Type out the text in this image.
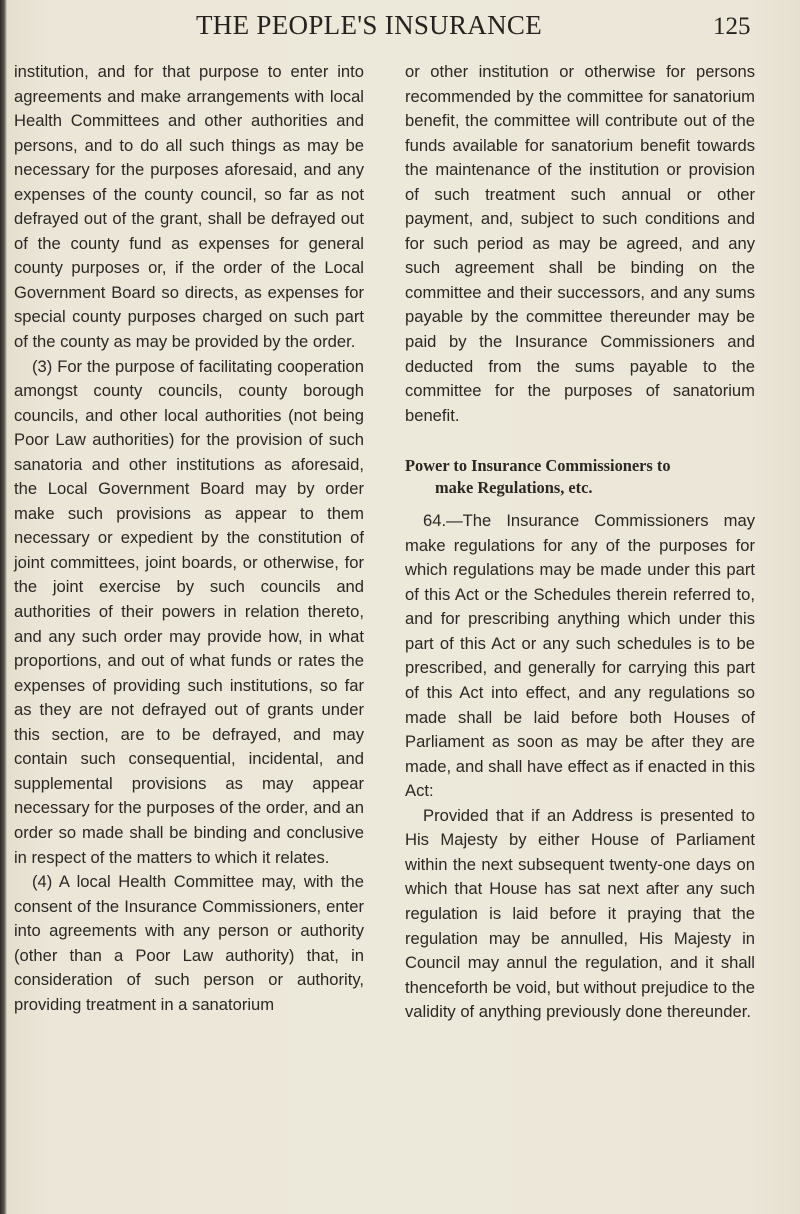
THE PEOPLE'S INSURANCE	125

institution, and for that purpose to enter into agreements and make arrangements with local Health Committees and other authorities and persons, and to do all such things as may be necessary for the purposes aforesaid, and any expenses of the county council, so far as not defrayed out of the grant, shall be defrayed out of the county fund as expenses for general county purposes or, if the order of the Local Government Board so directs, as expenses for special county purposes charged on such part of the county as may be provided by the order.

(3) For the purpose of facilitating cooperation amongst county councils, county borough councils, and other local authorities (not being Poor Law authorities) for the provision of such sanatoria and other institutions as aforesaid, the Local Government Board may by order make such provisions as appear to them necessary or expedient by the constitution of joint committees, joint boards, or otherwise, for the joint exercise by such councils and authorities of their powers in relation thereto, and any such order may provide how, in what proportions, and out of what funds or rates the expenses of providing such institutions, so far as they are not defrayed out of grants under this section, are to be defrayed, and may contain such consequential, incidental, and supplemental provisions as may appear necessary for the purposes of the order, and an order so made shall be binding and conclusive in respect of the matters to which it relates.

(4) A local Health Committee may, with the consent of the Insurance Commissioners, enter into agreements with any person or authority (other than a Poor Law authority) that, in consideration of such person or authority, providing treatment in a sanatorium

or other institution or otherwise for persons recommended by the committee for sanatorium benefit, the committee will contribute out of the funds available for sanatorium benefit towards the maintenance of the institution or provision of such treatment such annual or other payment, and, subject to such conditions and for such period as may be agreed, and any such agreement shall be binding on the committee and their successors, and any sums payable by the committee thereunder may be paid by the Insurance Commissioners and deducted from the sums payable to the committee for the purposes of sanatorium benefit.

Power to Insurance Commissioners to
make Regulations, etc.

64.—The Insurance Commissioners may make regulations for any of the purposes for which regulations may be made under this part of this Act or the Schedules therein referred to, and for prescribing anything which under this part of this Act or any such schedules is to be prescribed, and generally for carrying this part of this Act into effect, and any regulations so made shall be laid before both Houses of Parliament as soon as may be after they are made, and shall have effect as if enacted in this Act:

Provided that if an Address is presented to His Majesty by either House of Parliament within the next subsequent twenty-one days on which that House has sat next after any such regulation is laid before it praying that the regulation may be annulled, His Majesty in Council may annul the regulation, and it shall thenceforth be void, but without prejudice to the validity of anything previously done thereunder.
